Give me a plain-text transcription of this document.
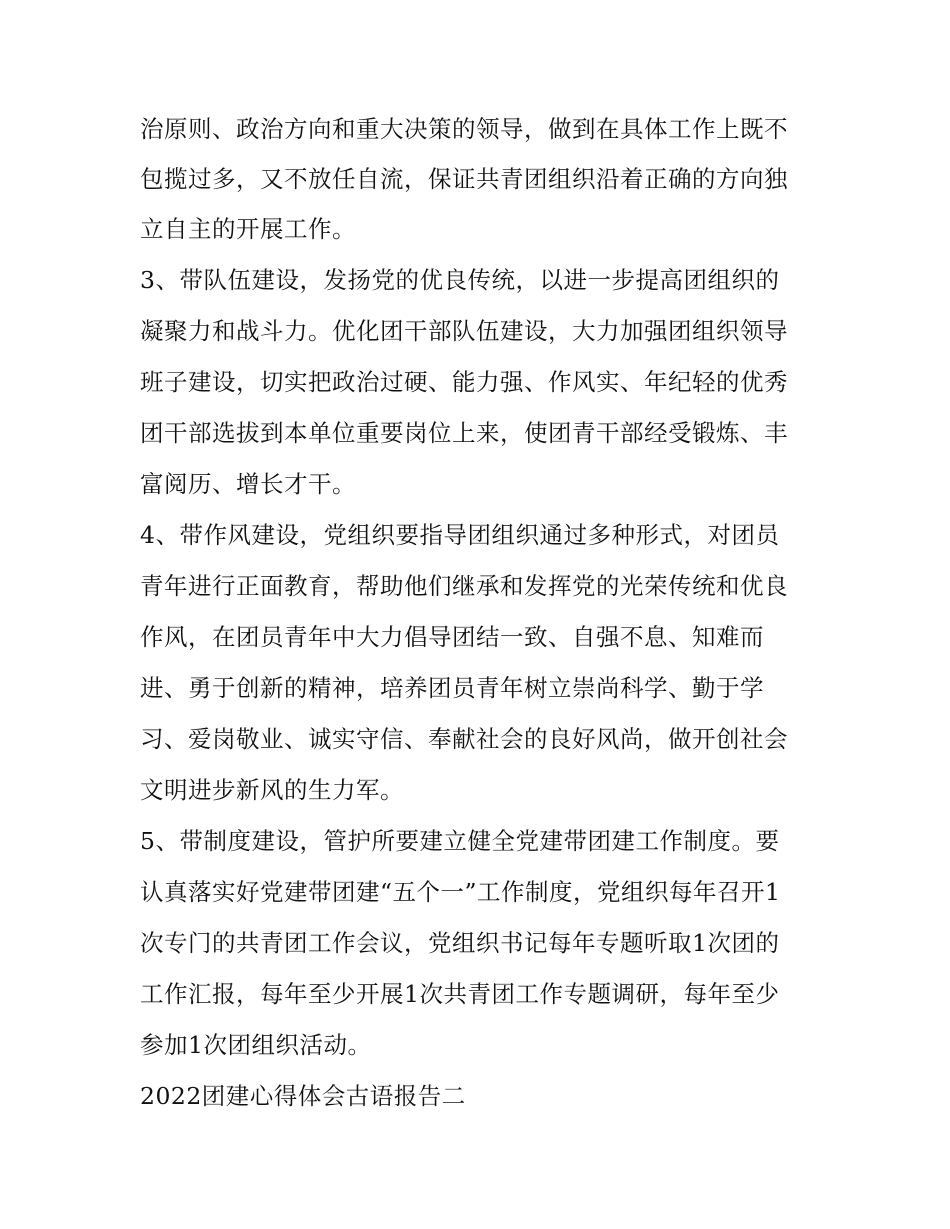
治原则、政治方向和重大决策的领导，做到在具体工作上既不
包揽过多，又不放任自流，保证共青团组织沿着正确的方向独
立自主的开展工作。
3、带队伍建设，发扬党的优良传统，以进一步提高团组织的
凝聚力和战斗力。优化团干部队伍建设，大力加强团组织领导
班子建设，切实把政治过硬、能力强、作风实、年纪轻的优秀
团干部选拔到本单位重要岗位上来，使团青干部经受锻炼、丰
富阅历、增长才干。
4、带作风建设，党组织要指导团组织通过多种形式，对团员
青年进行正面教育，帮助他们继承和发挥党的光荣传统和优良
作风，在团员青年中大力倡导团结一致、自强不息、知难而
进、勇于创新的精神，培养团员青年树立崇尚科学、勤于学
习、爱岗敬业、诚实守信、奉献社会的良好风尚，做开创社会
文明进步新风的生力军。
5、带制度建设，管护所要建立健全党建带团建工作制度。要
认真落实好党建带团建“五个一”工作制度，党组织每年召开1
次专门的共青团工作会议，党组织书记每年专题听取1次团的
工作汇报，每年至少开展1次共青团工作专题调研，每年至少
参加1次团组织活动。
2022团建心得体会古语报告二
